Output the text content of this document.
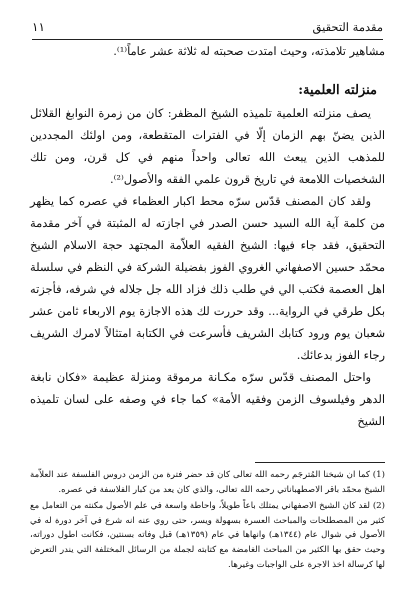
مقدمة التحقيق
١١

مشاهير تلامذته، وحيث امتدت صحبته له ثلاثة عشر عاماً⁽¹⁾.

منزلته العلمية:

يصف منزلته العلمية تلميذه الشيخ المظفر: كان من زمرة النوابغ القلائل الذين يضنّ بهم الزمان إلّا في الفترات المتقطعة، ومن اولئك المجددين للمذهب الذين يبعث الله تعالى واحداً منهم في كل قرن، ومن تلك الشخصيات اللامعة في تاريخ قرون علمي الفقه والأصول⁽²⁾.

ولقد كان المصنف قدّس سرّه محط اكبار العظماء في عصره كما يظهر من كلمة آية الله السيد حسن الصدر في اجازته له المثبتة في آخر مقدمة التحقيق، فقد جاء فيها: الشيخ الفقيه العلاّمة المجتهد حجة الاسلام الشيخ محمّد حسين الاصفهاني الغروي الفوز بفضيلة الشركة في النظم في سلسلة اهل العصمة فكتب الي في طلب ذلك فزاد الله جل جلاله في شرفه، فأجزته بكل طرقي في الرواية... وقد حررت لك هذه الاجازة يوم الاربعاء ثامن عشر شعبان يوم ورود كتابك الشريف فأسرعت في الكتابة امتثالاً لامرك الشريف رجاء الفوز بدعائك.

واحتل المصنف قدّس سرّه مكـانة مرموقة ومنزلة عظيمة «فكان نابغة الدهر وفيلسوف الزمن وفقيه الأمة» كما جاء في وصفه على لسان تلميذه الشيخ

(1) كما ان شيخنا المُترجَم رحمه الله تعالى كان قد حضر فترة من الزمن دروس الفلسفة عند العلاّمة الشيخ محمّد باقر الاصطهباناتي رحمه الله تعالى، والذي كان يعد من كبار الفلاسفة في عصره.

(2) لقد كان الشيخ الاصفهاني يمتلك باعاً طويلاً، واحاطة واسعة في علم الأصول مكنته من التعامل مع كثير من المصطلحات والمباحث العسرة بسهولة ويسر، حتى روي عنه انه شرع في آخر دورة له في الأصول في شوال عام (١٣٤٤هـ) وانهاها في عام (١٣٥٩هـ) قبل وفاته بسنتين، فكانت اطول دوراته، وحيث حقق بها الكثير من المباحث الغامضة مع كتابته لجملة من الرسائل المختلفة التي يندر التعرض لها كرسالة اخذ الاجرة على الواجبات وغيرها.
